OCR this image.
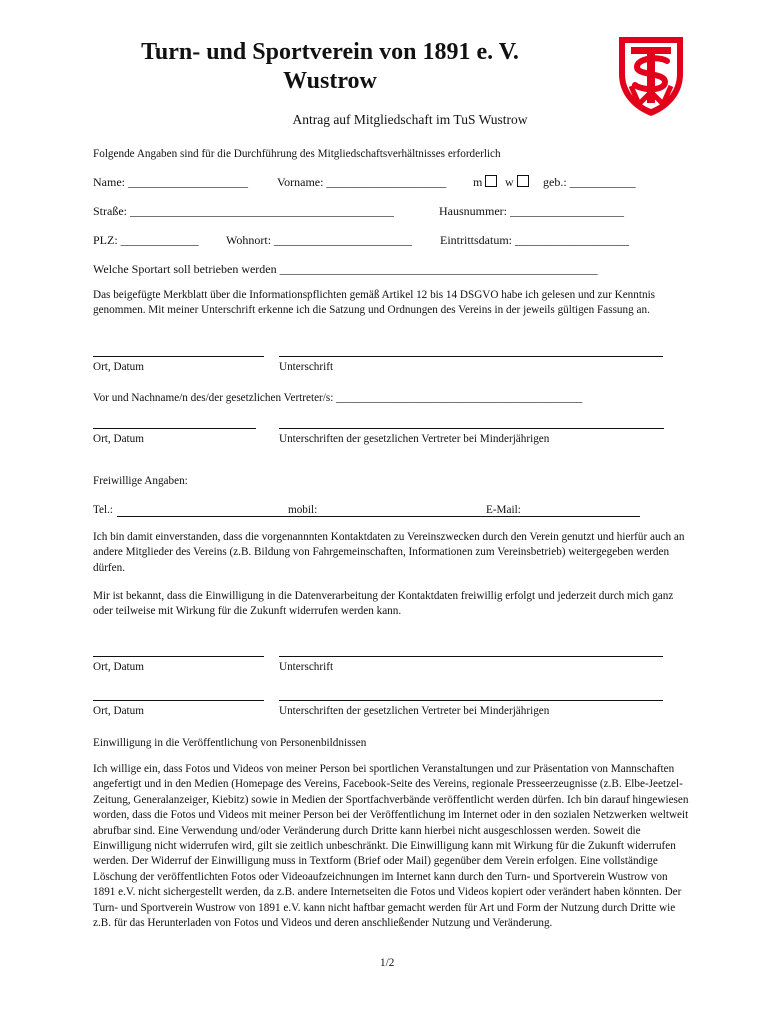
Turn- und Sportverein von 1891 e. V.
Wustrow
Antrag auf Mitgliedschaft im TuS Wustrow
Folgende Angaben sind für die Durchführung des Mitgliedschaftsverhältnisses erforderlich
Name: ____________________ Vorname: ____________________ m	w	geb.: ___________
Straße: ____________________________________________	Hausnummer: ___________________
PLZ: _____________ Wohnort: _______________________ Eintrittsdatum: ___________________
Welche Sportart soll betrieben werden _____________________________________________________
Das beigefügte Merkblatt über die Informationspflichten gemäß Artikel 12 bis 14 DSGVO habe ich gelesen und zur Kenntnis genommen. Mit meiner Unterschrift erkenne ich die Satzung und Ordnungen des Vereins in der jeweils gültigen Fassung an.
Ort, Datum	Unterschrift
Vor und Nachname/n des/der gesetzlichen Vertreter/s: ____________________________________________
Ort, Datum	Unterschriften der gesetzlichen Vertreter bei Minderjährigen
Freiwillige Angaben:
Tel.:	mobil:	E-Mail:
Ich bin damit einverstanden, dass die vorgenannnten Kontaktdaten zu Vereinszwecken durch den Verein genutzt und hierfür auch an andere Mitglieder des Vereins (z.B. Bildung von Fahrgemeinschaften, Informationen zum Vereinsbetrieb) weitergegeben werden dürfen.
Mir ist bekannt, dass die Einwilligung in die Datenverarbeitung der Kontaktdaten freiwillig erfolgt und jederzeit durch mich ganz oder teilweise mit Wirkung für die Zukunft widerrufen werden kann.
Ort, Datum	Unterschrift
Ort, Datum	Unterschriften der gesetzlichen Vertreter bei Minderjährigen
Einwilligung in die Veröffentlichung von Personenbildnissen
Ich willige ein, dass Fotos und Videos von meiner Person bei sportlichen Veranstaltungen und zur Präsentation von Mannschaften angefertigt und in den Medien (Homepage des Vereins, Facebook-Seite des Vereins, regionale Presseerzeugnisse (z.B. Elbe-Jeetzel-Zeitung, Generalanzeiger, Kiebitz) sowie in Medien der Sportfachverbände veröffentlicht werden dürfen. Ich bin darauf hingewiesen worden, dass die Fotos und Videos mit meiner Person bei der Veröffentlichung im Internet oder in den sozialen Netzwerken weltweit abrufbar sind. Eine Verwendung und/oder Veränderung durch Dritte kann hierbei nicht ausgeschlossen werden. Soweit die Einwilligung nicht widerrufen wird, gilt sie zeitlich unbeschränkt. Die Einwilligung kann mit Wirkung für die Zukunft widerrufen werden. Der Widerruf der Einwilligung muss in Textform (Brief oder Mail) gegenüber dem Verein erfolgen. Eine vollständige Löschung der veröffentlichten Fotos oder Videoaufzeichnungen im Internet kann durch den Turn- und Sportverein Wustrow von 1891 e.V. nicht sichergestellt werden, da z.B. andere Internetseiten die Fotos und Videos kopiert oder verändert haben könnten. Der Turn- und Sportverein Wustrow von 1891 e.V. kann nicht haftbar gemacht werden für Art und Form der Nutzung durch Dritte wie z.B. für das Herunterladen von Fotos und Videos und deren anschließender Nutzung und Veränderung.
1/2
